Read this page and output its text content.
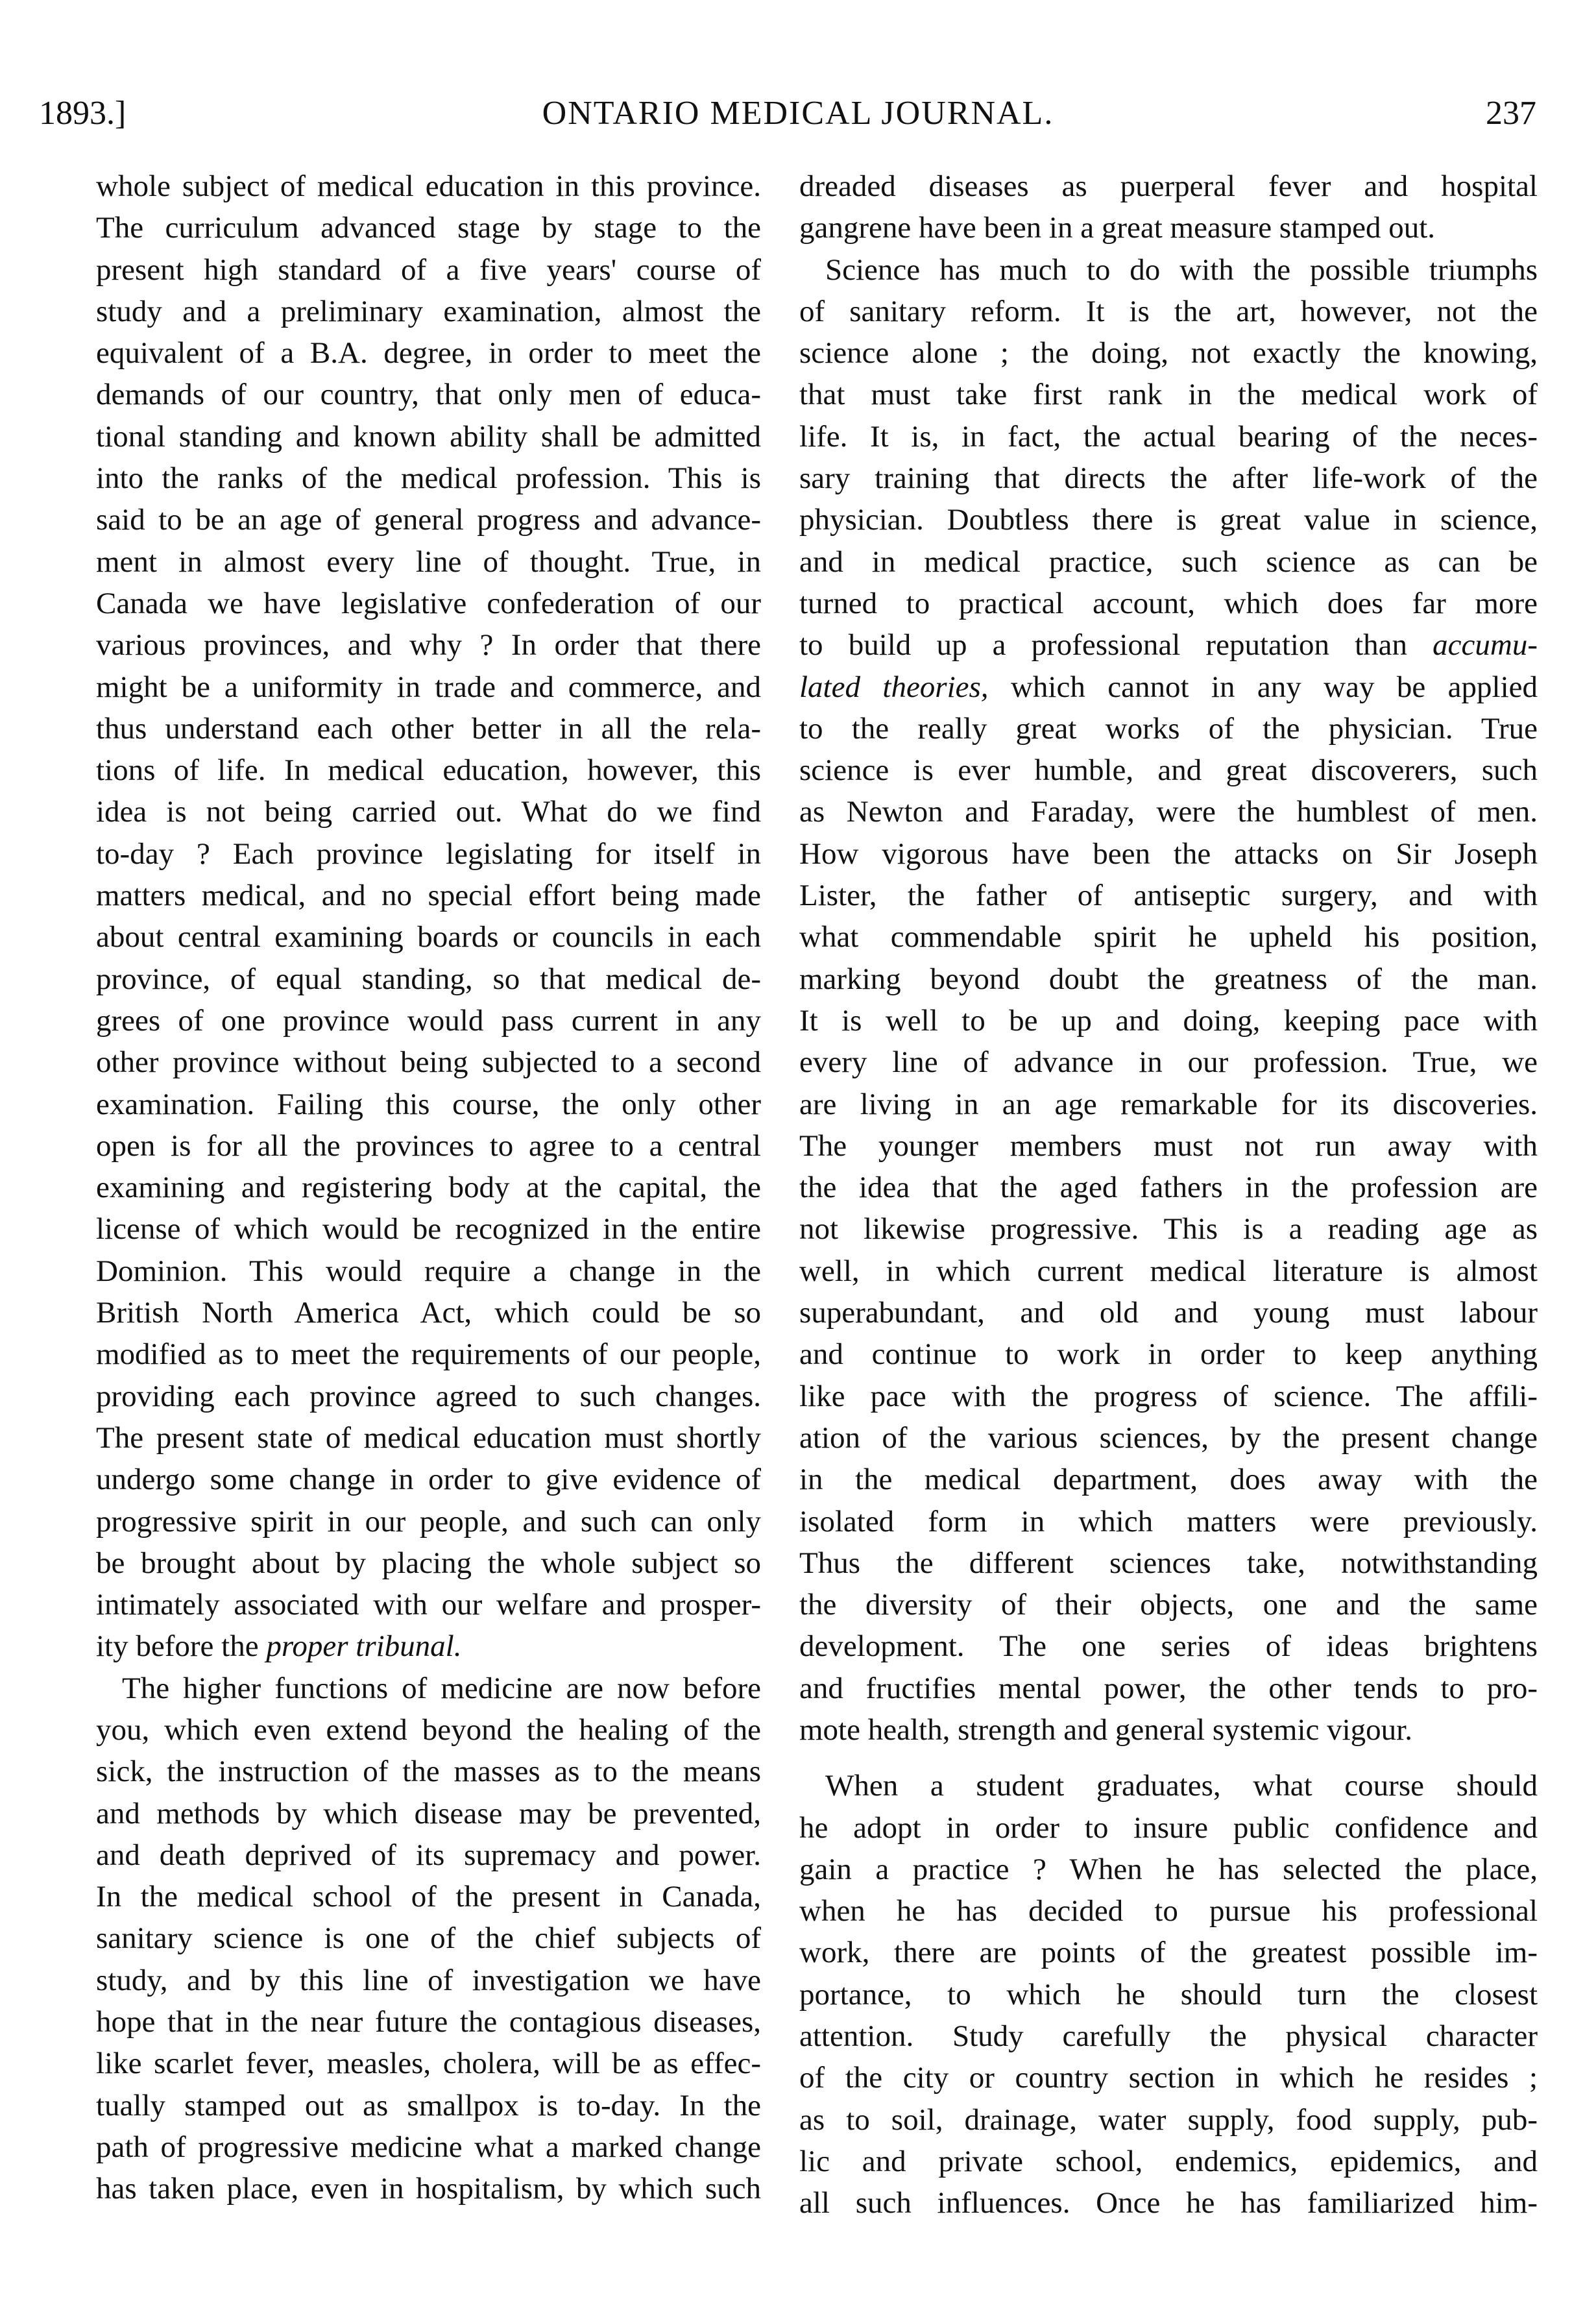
1893.]	ONTARIO MEDICAL JOURNAL.	237
whole subject of medical education in this province.
The curriculum advanced stage by stage to the
present high standard of a five years' course of
study and a preliminary examination, almost the
equivalent of a B.A. degree, in order to meet the
demands of our country, that only men of educa-
tional standing and known ability shall be admitted
into the ranks of the medical profession. This is
said to be an age of general progress and advance-
ment in almost every line of thought. True, in
Canada we have legislative confederation of our
various provinces, and why ? In order that there
might be a uniformity in trade and commerce, and
thus understand each other better in all the rela-
tions of life. In medical education, however, this
idea is not being carried out. What do we find
to-day ? Each province legislating for itself in
matters medical, and no special effort being made
about central examining boards or councils in each
province, of equal standing, so that medical de-
grees of one province would pass current in any
other province without being subjected to a second
examination. Failing this course, the only other
open is for all the provinces to agree to a central
examining and registering body at the capital, the
license of which would be recognized in the entire
Dominion. This would require a change in the
British North America Act, which could be so
modified as to meet the requirements of our people,
providing each province agreed to such changes.
The present state of medical education must shortly
undergo some change in order to give evidence of
progressive spirit in our people, and such can only
be brought about by placing the whole subject so
intimately associated with our welfare and prosper-
ity before the proper tribunal.
The higher functions of medicine are now before
you, which even extend beyond the healing of the
sick, the instruction of the masses as to the means
and methods by which disease may be prevented,
and death deprived of its supremacy and power.
In the medical school of the present in Canada,
sanitary science is one of the chief subjects of
study, and by this line of investigation we have
hope that in the near future the contagious diseases,
like scarlet fever, measles, cholera, will be as effec-
tually stamped out as smallpox is to-day. In the
path of progressive medicine what a marked change
has taken place, even in hospitalism, by which such
dreaded diseases as puerperal fever and hospital
gangrene have been in a great measure stamped out.
Science has much to do with the possible triumphs
of sanitary reform. It is the art, however, not the
science alone ; the doing, not exactly the knowing,
that must take first rank in the medical work of
life. It is, in fact, the actual bearing of the neces-
sary training that directs the after life-work of the
physician. Doubtless there is great value in science,
and in medical practice, such science as can be
turned to practical account, which does far more
to build up a professional reputation than accumu-
lated theories, which cannot in any way be applied
to the really great works of the physician. True
science is ever humble, and great discoverers, such
as Newton and Faraday, were the humblest of men.
How vigorous have been the attacks on Sir Joseph
Lister, the father of antiseptic surgery, and with
what commendable spirit he upheld his position,
marking beyond doubt the greatness of the man.
It is well to be up and doing, keeping pace with
every line of advance in our profession. True, we
are living in an age remarkable for its discoveries.
The younger members must not run away with
the idea that the aged fathers in the profession are
not likewise progressive. This is a reading age as
well, in which current medical literature is almost
superabundant, and old and young must labour
and continue to work in order to keep anything
like pace with the progress of science. The affili-
ation of the various sciences, by the present change
in the medical department, does away with the
isolated form in which matters were previously.
Thus the different sciences take, notwithstanding
the diversity of their objects, one and the same
development. The one series of ideas brightens
and fructifies mental power, the other tends to pro-
mote health, strength and general systemic vigour.
When a student graduates, what course should
he adopt in order to insure public confidence and
gain a practice ? When he has selected the place,
when he has decided to pursue his professional
work, there are points of the greatest possible im-
portance, to which he should turn the closest
attention. Study carefully the physical character
of the city or country section in which he resides ;
as to soil, drainage, water supply, food supply, pub-
lic and private school, endemics, epidemics, and
all such influences. Once he has familiarized him-
